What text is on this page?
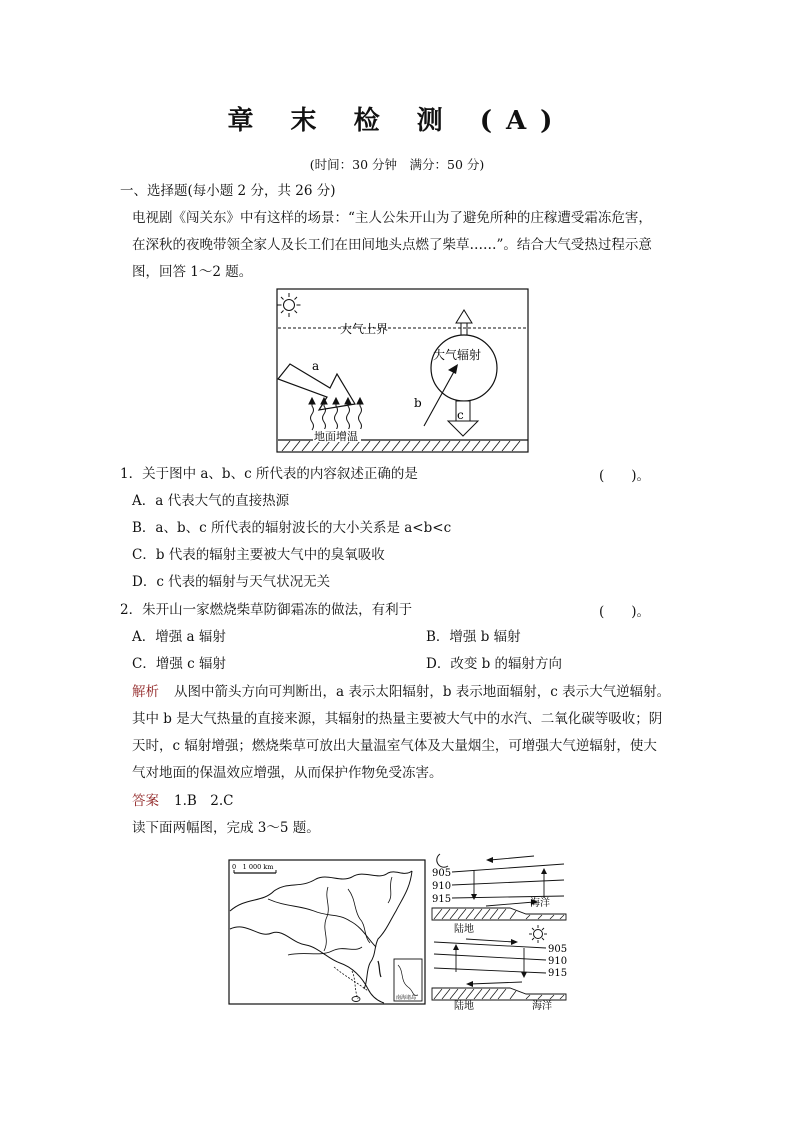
章 末 检 测 (A)
(时间：30 分钟　满分：50 分)
一、选择题(每小题 2 分，共 26 分)
电视剧《闯关东》中有这样的场景：“主人公朱开山为了避免所种的庄稼遭受霜冻危害，
在深秋的夜晚带领全家人及长工们在田间地头点燃了柴草……”。结合大气受热过程示意
图，回答 1～2 题。
大气上界
a
大气辐射
b
c
地面增温
1．关于图中 a、b、c 所代表的内容叙述正确的是	(　　)。
A．a 代表大气的直接热源
B．a、b、c 所代表的辐射波长的大小关系是 a<b<c
C．b 代表的辐射主要被大气中的臭氧吸收
D．c 代表的辐射与天气状况无关
2．朱开山一家燃烧柴草防御霜冻的做法，有利于	(　　)。
A．增强 a 辐射	B．增强 b 辐射
C．增强 c 辐射	D．改变 b 的辐射方向
解析 从图中箭头方向可判断出，a 表示太阳辐射，b 表示地面辐射，c 表示大气逆辐射。
其中 b 是大气热量的直接来源，其辐射的热量主要被大气中的水汽、二氧化碳等吸收；阴
天时，c 辐射增强；燃烧柴草可放出大量温室气体及大量烟尘，可增强大气逆辐射，使大
气对地面的保温效应增强，从而保护作物免受冻害。
答案 1.B　2.C
读下面两幅图，完成 3～5 题。
0　1 000 km
南海诸岛
905
910
915
陆地
海洋
905
910
915
陆地	海洋
